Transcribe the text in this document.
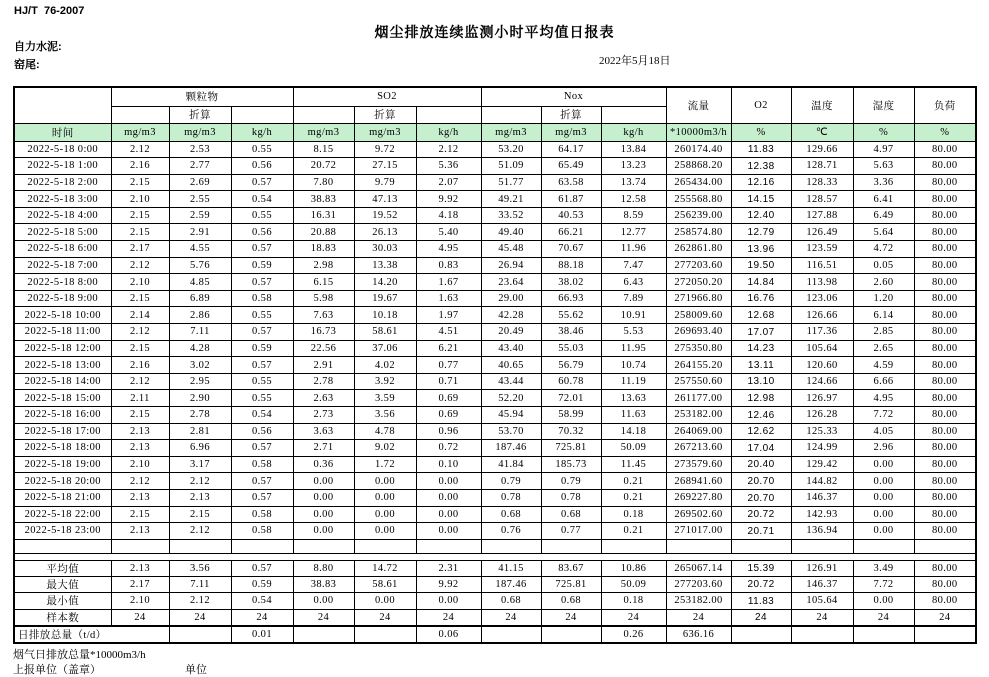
HJ/T  76-2007
烟尘排放连续监测小时平均值日报表
自力水泥:
窑尾:	2022年5月18日
	颗粒物			SO2			Nox			流量	O2	温度	湿度	负荷
		折算			折算			折算						
时间	mg/m3	mg/m3	kg/h	mg/m3	mg/m3	kg/h	mg/m3	mg/m3	kg/h	*10000m3/h	%	℃	%	%
2022-5-18 0:00	2.12	2.53	0.55	8.15	9.72	2.12	53.20	64.17	13.84	260174.40	11.83	129.66	4.97	80.00
2022-5-18 1:00	2.16	2.77	0.56	20.72	27.15	5.36	51.09	65.49	13.23	258868.20	12.38	128.71	5.63	80.00
2022-5-18 2:00	2.15	2.69	0.57	7.80	9.79	2.07	51.77	63.58	13.74	265434.00	12.16	128.33	3.36	80.00
2022-5-18 3:00	2.10	2.55	0.54	38.83	47.13	9.92	49.21	61.87	12.58	255568.80	14.15	128.57	6.41	80.00
2022-5-18 4:00	2.15	2.59	0.55	16.31	19.52	4.18	33.52	40.53	8.59	256239.00	12.40	127.88	6.49	80.00
2022-5-18 5:00	2.15	2.91	0.56	20.88	26.13	5.40	49.40	66.21	12.77	258574.80	12.79	126.49	5.64	80.00
2022-5-18 6:00	2.17	4.55	0.57	18.83	30.03	4.95	45.48	70.67	11.96	262861.80	13.96	123.59	4.72	80.00
2022-5-18 7:00	2.12	5.76	0.59	2.98	13.38	0.83	26.94	88.18	7.47	277203.60	19.50	116.51	0.05	80.00
2022-5-18 8:00	2.10	4.85	0.57	6.15	14.20	1.67	23.64	38.02	6.43	272050.20	14.84	113.98	2.60	80.00
2022-5-18 9:00	2.15	6.89	0.58	5.98	19.67	1.63	29.00	66.93	7.89	271966.80	16.76	123.06	1.20	80.00
2022-5-18 10:00	2.14	2.86	0.55	7.63	10.18	1.97	42.28	55.62	10.91	258009.60	12.68	126.66	6.14	80.00
2022-5-18 11:00	2.12	7.11	0.57	16.73	58.61	4.51	20.49	38.46	5.53	269693.40	17.07	117.36	2.85	80.00
2022-5-18 12:00	2.15	4.28	0.59	22.56	37.06	6.21	43.40	55.03	11.95	275350.80	14.23	105.64	2.65	80.00
2022-5-18 13:00	2.16	3.02	0.57	2.91	4.02	0.77	40.65	56.79	10.74	264155.20	13.11	120.60	4.59	80.00
2022-5-18 14:00	2.12	2.95	0.55	2.78	3.92	0.71	43.44	60.78	11.19	257550.60	13.10	124.66	6.66	80.00
2022-5-18 15:00	2.11	2.90	0.55	2.63	3.59	0.69	52.20	72.01	13.63	261177.00	12.98	126.97	4.95	80.00
2022-5-18 16:00	2.15	2.78	0.54	2.73	3.56	0.69	45.94	58.99	11.63	253182.00	12.46	126.28	7.72	80.00
2022-5-18 17:00	2.13	2.81	0.56	3.63	4.78	0.96	53.70	70.32	14.18	264069.00	12.62	125.33	4.05	80.00
2022-5-18 18:00	2.13	6.96	0.57	2.71	9.02	0.72	187.46	725.81	50.09	267213.60	17.04	124.99	2.96	80.00
2022-5-18 19:00	2.10	3.17	0.58	0.36	1.72	0.10	41.84	185.73	11.45	273579.60	20.40	129.42	0.00	80.00
2022-5-18 20:00	2.12	2.12	0.57	0.00	0.00	0.00	0.79	0.79	0.21	268941.60	20.70	144.82	0.00	80.00
2022-5-18 21:00	2.13	2.13	0.57	0.00	0.00	0.00	0.78	0.78	0.21	269227.80	20.70	146.37	0.00	80.00
2022-5-18 22:00	2.15	2.15	0.58	0.00	0.00	0.00	0.68	0.68	0.18	269502.60	20.72	142.93	0.00	80.00
2022-5-18 23:00	2.13	2.12	0.58	0.00	0.00	0.00	0.76	0.77	0.21	271017.00	20.71	136.94	0.00	80.00

平均值	2.13	3.56	0.57	8.80	14.72	2.31	41.15	83.67	10.86	265067.14	15.39	126.91	3.49	80.00
最大值	2.17	7.11	0.59	38.83	58.61	9.92	187.46	725.81	50.09	277203.60	20.72	146.37	7.72	80.00
最小值	2.10	2.12	0.54	0.00	0.00	0.00	0.68	0.68	0.18	253182.00	11.83	105.64	0.00	80.00
样本数	24	24	24	24	24	24	24	24	24	24	24	24	24	24
日排放总量（t/d）			0.01			0.06			0.26	636.16				
烟气日排放总量*10000m3/h
上报单位（盖章）	单位
